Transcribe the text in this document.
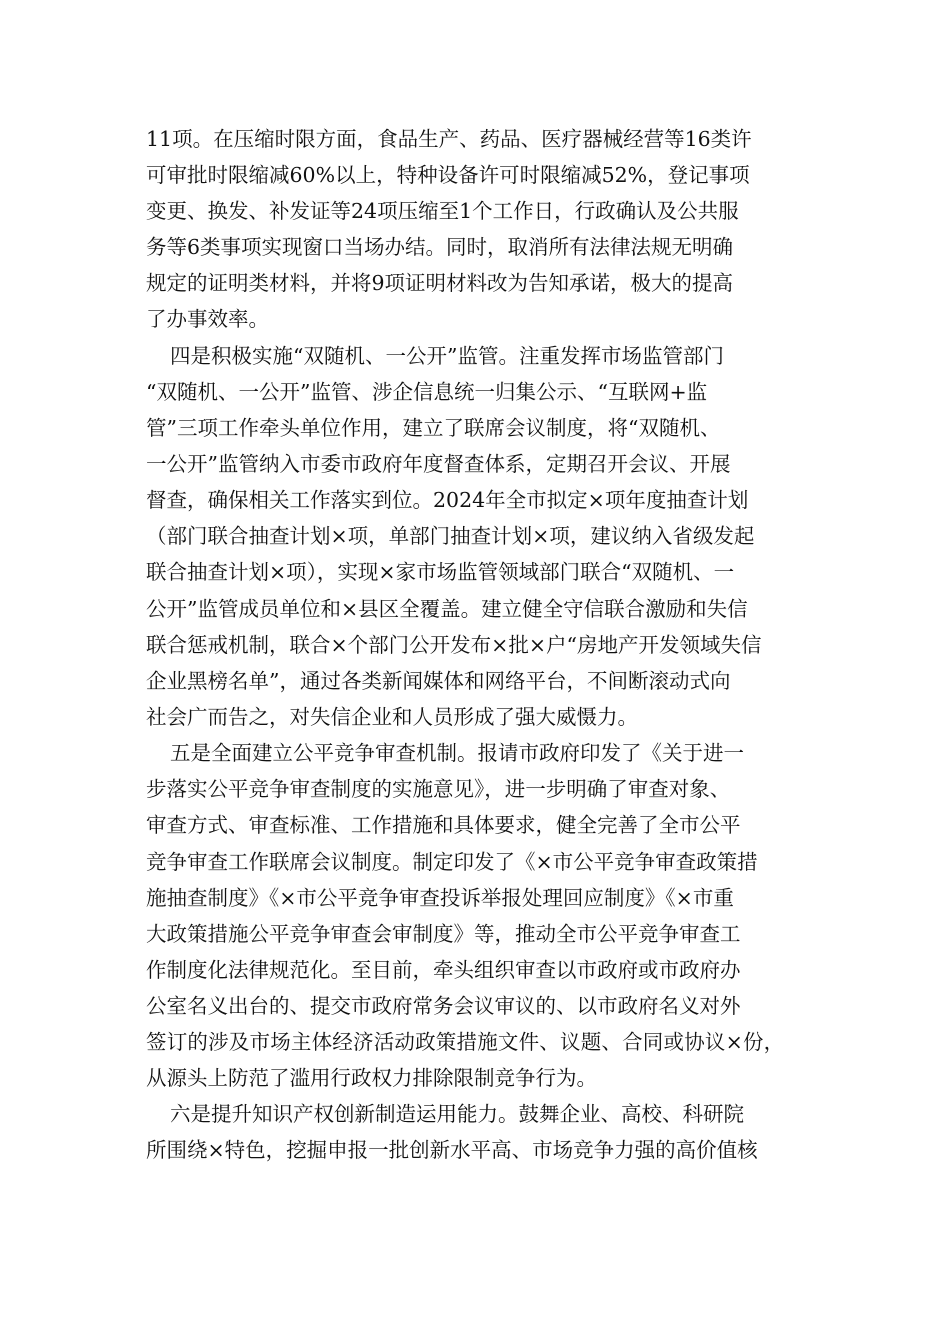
11项。在压缩时限方面，食品生产、药品、医疗器械经营等16类许
可审批时限缩减60%以上，特种设备许可时限缩减52%，登记事项
变更、换发、补发证等24项压缩至1个工作日，行政确认及公共服
务等6类事项实现窗口当场办结。同时，取消所有法律法规无明确
规定的证明类材料，并将9项证明材料改为告知承诺，极大的提高
了办事效率。
四是积极实施“双随机、一公开”监管。注重发挥市场监管部门
“双随机、一公开”监管、涉企信息统一归集公示、“互联网+监
管”三项工作牵头单位作用，建立了联席会议制度，将“双随机、
一公开”监管纳入市委市政府年度督查体系，定期召开会议、开展
督查，确保相关工作落实到位。2024年全市拟定×项年度抽查计划
（部门联合抽查计划×项，单部门抽查计划×项，建议纳入省级发起
联合抽查计划×项），实现×家市场监管领域部门联合“双随机、一
公开”监管成员单位和×县区全覆盖。建立健全守信联合激励和失信
联合惩戒机制，联合×个部门公开发布×批×户“房地产开发领域失信
企业黑榜名单”，通过各类新闻媒体和网络平台，不间断滚动式向
社会广而告之，对失信企业和人员形成了强大威慑力。
五是全面建立公平竞争审查机制。报请市政府印发了《关于进一
步落实公平竞争审查制度的实施意见》，进一步明确了审查对象、
审查方式、审查标准、工作措施和具体要求，健全完善了全市公平
竞争审查工作联席会议制度。制定印发了《×市公平竞争审查政策措
施抽查制度》《×市公平竞争审查投诉举报处理回应制度》《×市重
大政策措施公平竞争审查会审制度》等，推动全市公平竞争审查工
作制度化法律规范化。至目前，牵头组织审查以市政府或市政府办
公室名义出台的、提交市政府常务会议审议的、以市政府名义对外
签订的涉及市场主体经济活动政策措施文件、议题、合同或协议×份，
从源头上防范了滥用行政权力排除限制竞争行为。
六是提升知识产权创新制造运用能力。鼓舞企业、高校、科研院
所围绕×特色，挖掘申报一批创新水平高、市场竞争力强的高价值核
